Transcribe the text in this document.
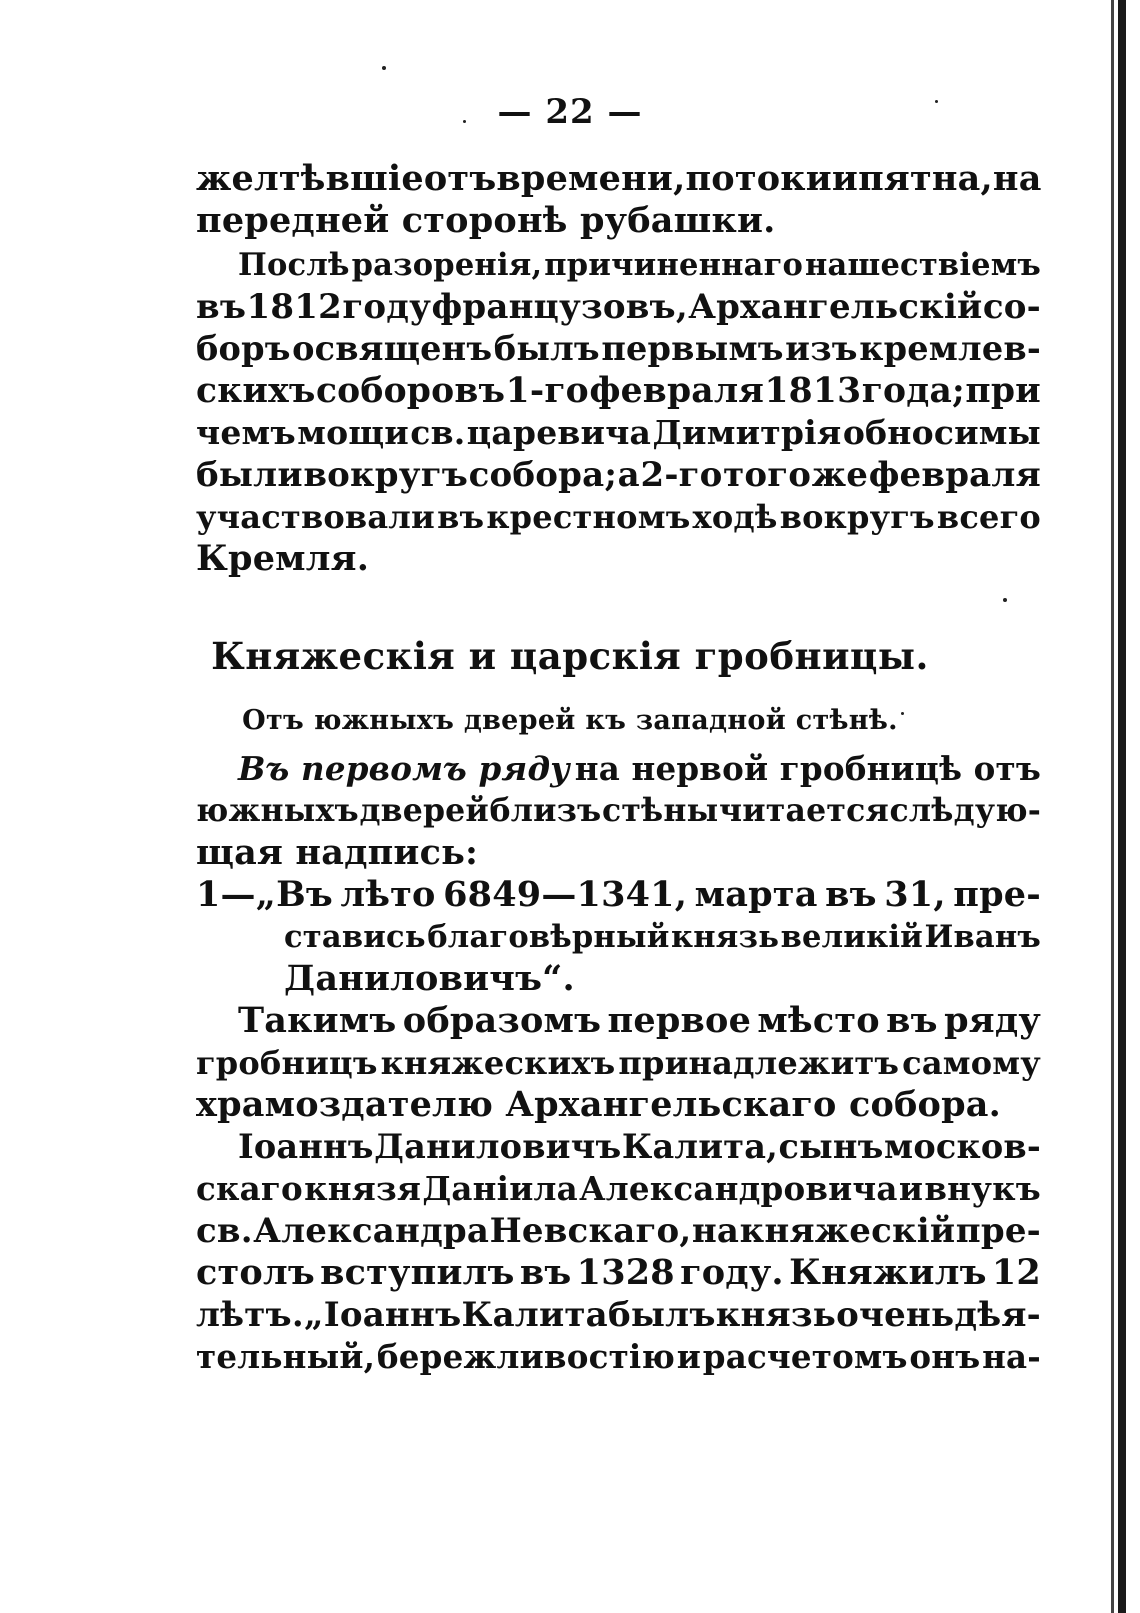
— 22 —
желтѣвшіе отъ времени, потоки и пятна, на
передней сторонѣ рубашки.
Послѣ разоренія, причиненнаго нашествіемъ
въ 1812 году французовъ, Архангельскій со-
боръ освященъ былъ первымъ изъ кремлев-
скихъ соборовъ 1-го февраля 1813 года; при
чемъ мощи св. царевича Димитрія обносимы
были вокругъ собора; а 2-го того же февраля
участвовали въ крестномъ ходѣ вокругъ всего
Кремля.
Княжескія и царскія гробницы.
Отъ южныхъ дверей къ западной стѣнѣ.
Въ первомъ ряду на нервой гробницѣ отъ
южныхъ дверей близъ стѣны читается слѣдую-
щая надпись:
1—„Въ лѣто 6849—1341, марта въ 31, пре-
ставись благовѣрный князь великій Иванъ
Даниловичъ“.
Такимъ образомъ первое мѣсто въ ряду
гробницъ княжескихъ принадлежитъ самому
храмоздателю Архангельскаго собора.
Іоаннъ Даниловичъ Калита, сынъ москов-
скаго князя Даніила Александровича и внукъ
св. Александра Невскаго, на княжескій пре-
столъ вступилъ въ 1328 году. Княжилъ 12
лѣтъ. „Іоаннъ Калита былъ князь очень дѣя-
тельный, бережливостію и расчетомъ онъ на-
